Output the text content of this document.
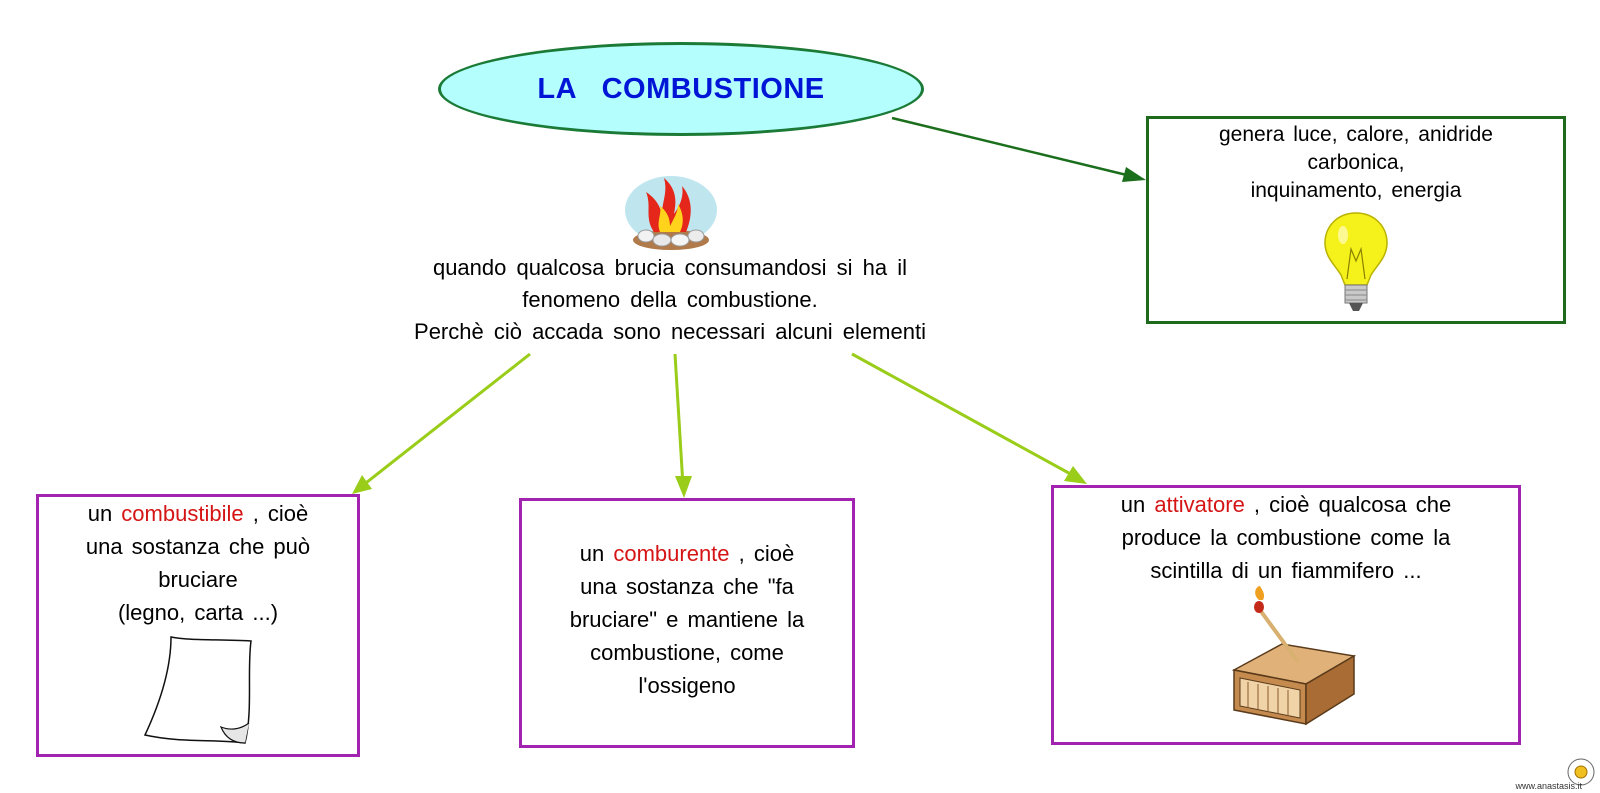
LA   COMBUSTIONE
quando qualcosa brucia consumandosi si ha il
fenomeno della combustione.
Perchè ciò accada sono necessari alcuni elementi
genera luce, calore, anidride
carbonica,
inquinamento, energia
un combustibile , cioè
una sostanza che può
bruciare
(legno, carta ...)
un comburente , cioè
una sostanza che "fa
bruciare" e mantiene la
combustione, come
l'ossigeno
un attivatore , cioè qualcosa che
produce la combustione come la
scintilla di un fiammifero ...
www.anastasis.it
